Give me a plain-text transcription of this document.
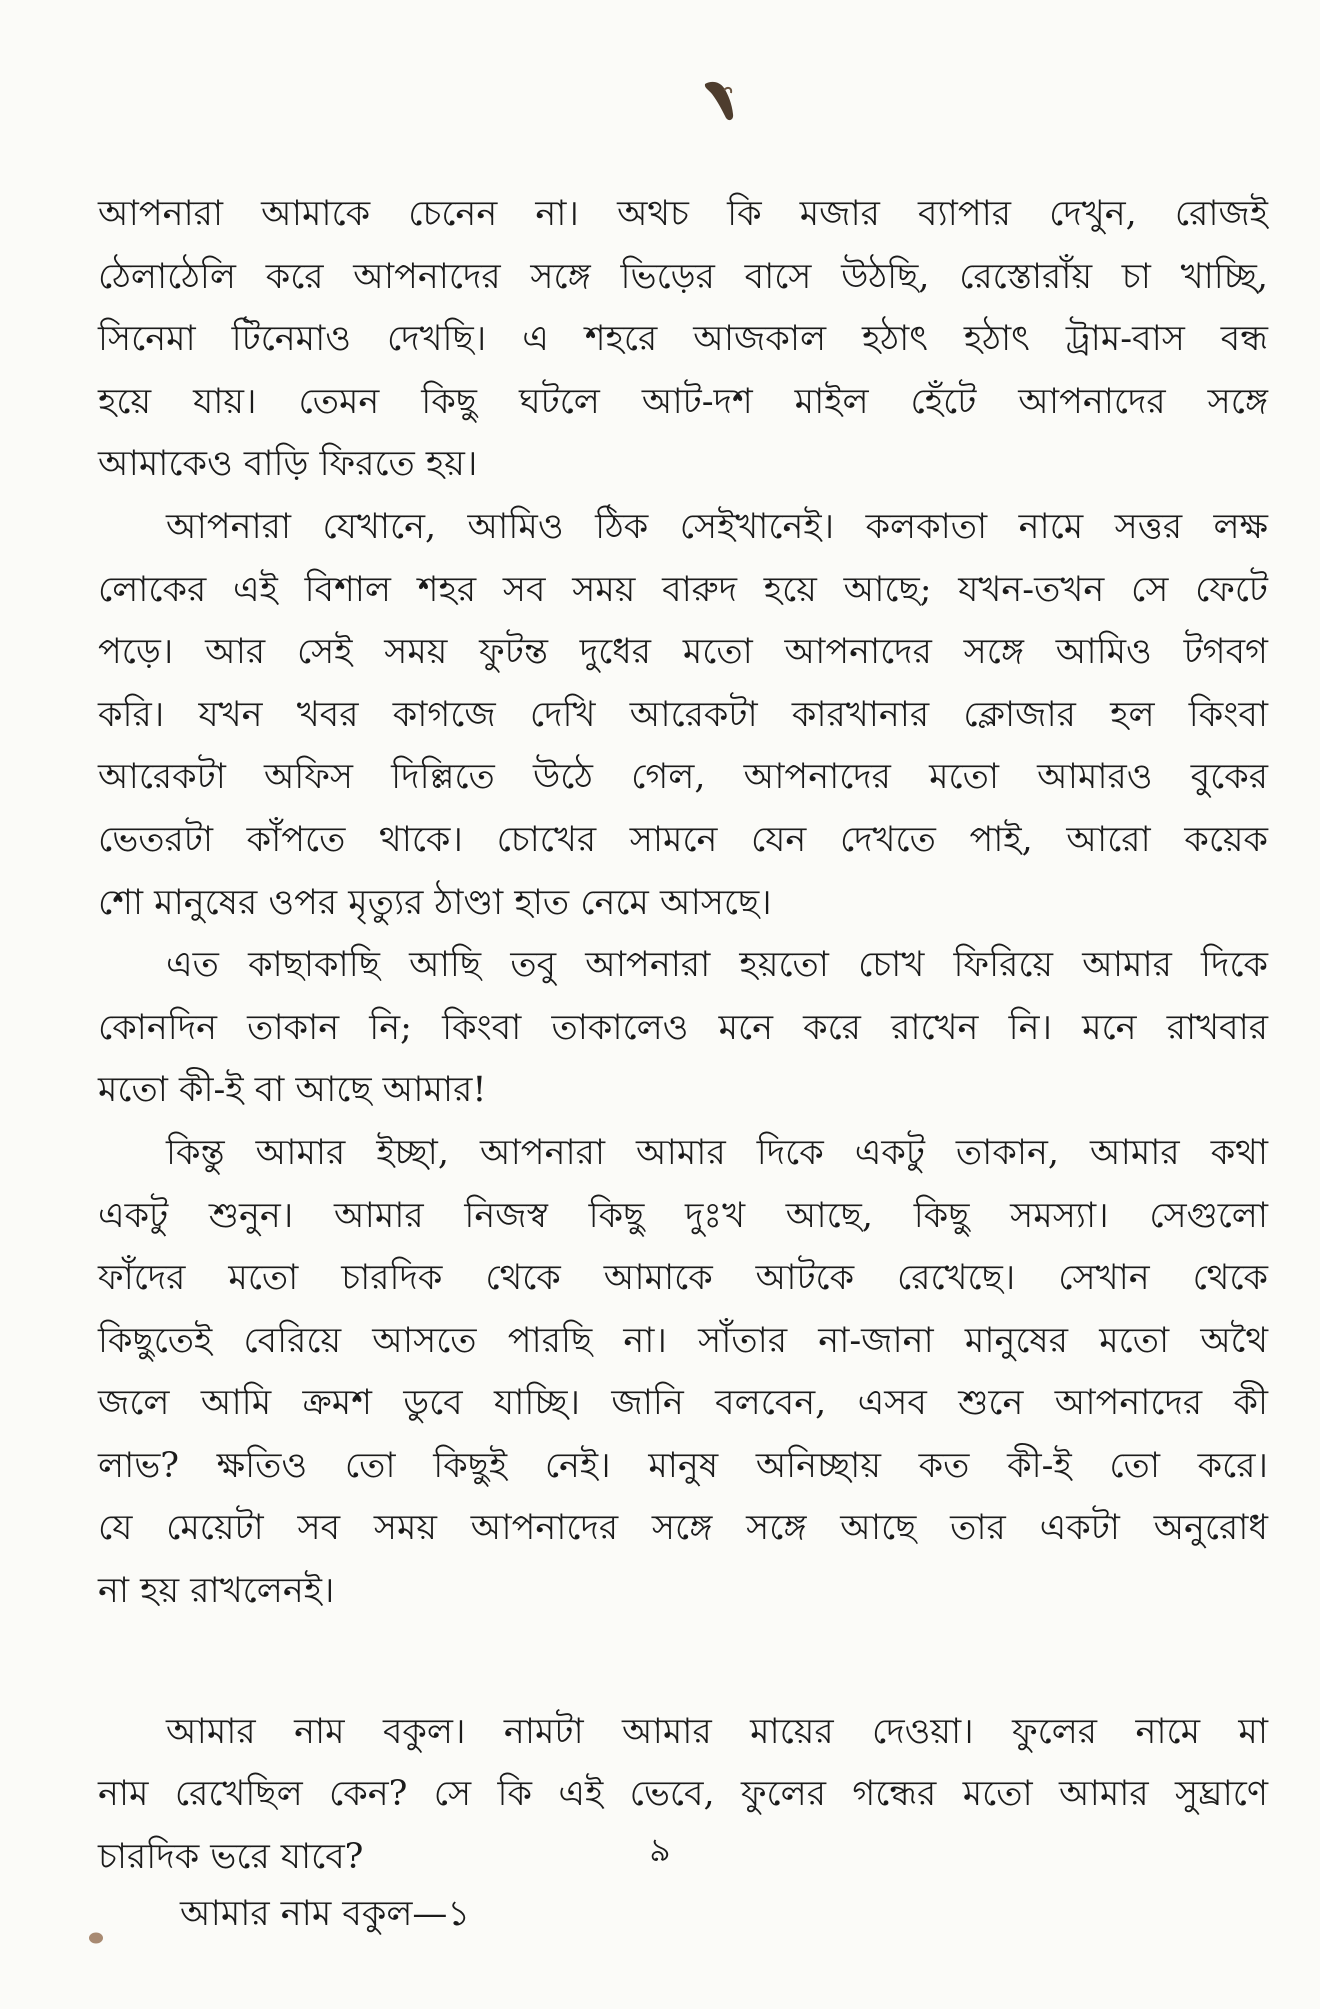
আপনারা আমাকে চেনেন না। অথচ কি মজার ব্যাপার দেখুন, রোজই
ঠেলাঠেলি করে আপনাদের সঙ্গে ভিড়ের বাসে উঠছি, রেস্তোরাঁয় চা খাচ্ছি,
সিনেমা টিনেমাও দেখছি। এ শহরে আজকাল হঠাৎ হঠাৎ ট্রাম-বাস বন্ধ
হয়ে যায়। তেমন কিছু ঘটলে আট-দশ মাইল হেঁটে আপনাদের সঙ্গে
আমাকেও বাড়ি ফিরতে হয়।
আপনারা যেখানে, আমিও ঠিক সেইখানেই। কলকাতা নামে সত্তর লক্ষ
লোকের এই বিশাল শহর সব সময় বারুদ হয়ে আছে; যখন-তখন সে ফেটে
পড়ে। আর সেই সময় ফুটন্ত দুধের মতো আপনাদের সঙ্গে আমিও টগবগ
করি। যখন খবর কাগজে দেখি আরেকটা কারখানার ক্লোজার হল কিংবা
আরেকটা অফিস দিল্লিতে উঠে গেল, আপনাদের মতো আমারও বুকের
ভেতরটা কাঁপতে থাকে। চোখের সামনে যেন দেখতে পাই, আরো কয়েক
শো মানুষের ওপর মৃত্যুর ঠাণ্ডা হাত নেমে আসছে।
এত কাছাকাছি আছি তবু আপনারা হয়তো চোখ ফিরিয়ে আমার দিকে
কোনদিন তাকান নি; কিংবা তাকালেও মনে করে রাখেন নি। মনে রাখবার
মতো কী-ই বা আছে আমার!
কিন্তু আমার ইচ্ছা, আপনারা আমার দিকে একটু তাকান, আমার কথা
একটু শুনুন। আমার নিজস্ব কিছু দুঃখ আছে, কিছু সমস্যা। সেগুলো
ফাঁদের মতো চারদিক থেকে আমাকে আটকে রেখেছে। সেখান থেকে
কিছুতেই বেরিয়ে আসতে পারছি না। সাঁতার না-জানা মানুষের মতো অথৈ
জলে আমি ক্রমশ ডুবে যাচ্ছি। জানি বলবেন, এসব শুনে আপনাদের কী
লাভ? ক্ষতিও তো কিছুই নেই। মানুষ অনিচ্ছায় কত কী-ই তো করে।
যে মেয়েটা সব সময় আপনাদের সঙ্গে সঙ্গে আছে তার একটা অনুরোধ
না হয় রাখলেনই।
আমার নাম বকুল। নামটা আমার মায়ের দেওয়া। ফুলের নামে মা
নাম রেখেছিল কেন? সে কি এই ভেবে, ফুলের গন্ধের মতো আমার সুঘ্রাণে
চারদিক ভরে যাবে?	৯
আমার নাম বকুল—১
